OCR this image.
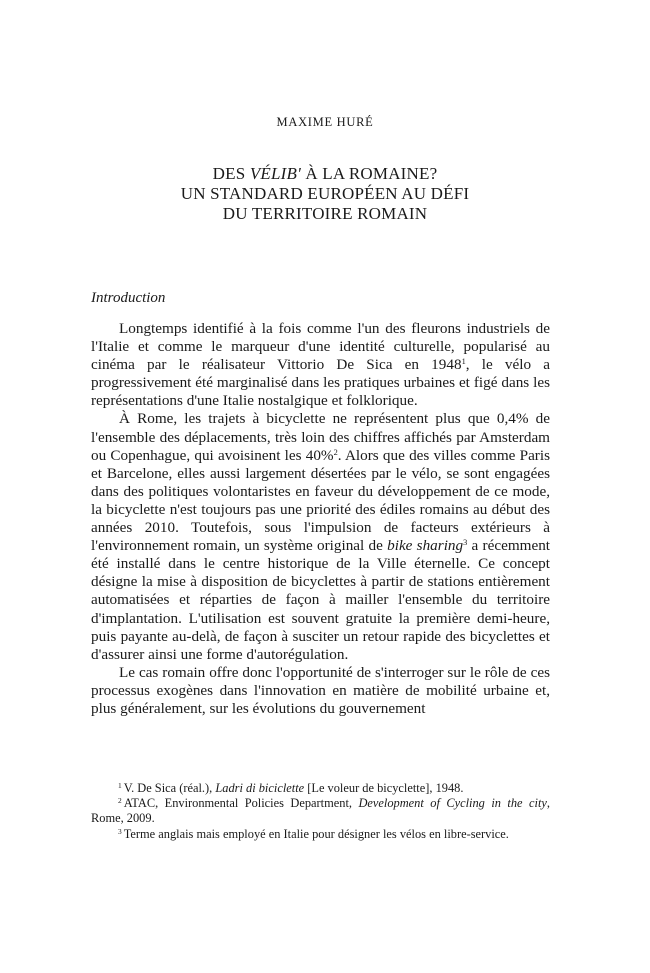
MAXIME HURÉ
DES VÉLIB' À LA ROMAINE?
UN STANDARD EUROPÉEN AU DÉFI
DU TERRITOIRE ROMAIN
Introduction

Longtemps identifié à la fois comme l'un des fleurons industriels de l'Italie et comme le marqueur d'une identité culturelle, popularisé au cinéma par le réalisateur Vittorio De Sica en 1948$^1$, le vélo a progressivement été marginalisé dans les pratiques urbaines et figé dans les représentations d'une Italie nostalgique et folklorique.

À Rome, les trajets à bicyclette ne représentent plus que 0,4% de l'ensemble des déplacements, très loin des chiffres affichés par Amsterdam ou Copenhague, qui avoisinent les 40%$^2$. Alors que des villes comme Paris et Barcelone, elles aussi largement désertées par le vélo, se sont engagées dans des politiques volontaristes en faveur du développement de ce mode, la bicyclette n'est toujours pas une priorité des édiles romains au début des années 2010. Toutefois, sous l'impulsion de facteurs extérieurs à l'environnement romain, un système original de bike sharing$^3$ a récemment été installé dans le centre historique de la Ville éternelle. Ce concept désigne la mise à disposition de bicyclettes à partir de stations entièrement automatisées et réparties de façon à mailler l'ensemble du territoire d'implantation. L'utilisation est souvent gratuite la première demi-heure, puis payante au-delà, de façon à susciter un retour rapide des bicyclettes et d'assurer ainsi une forme d'autorégulation.

Le cas romain offre donc l'opportunité de s'interroger sur le rôle de ces processus exogènes dans l'innovation en matière de mobilité urbaine et, plus généralement, sur les évolutions du gouvernement

$^1$ V. De Sica (réal.), Ladri di biciclette [Le voleur de bicyclette], 1948.

$^2$ ATAC, Environmental Policies Department, Development of Cycling in the city, Rome, 2009.

$^3$ Terme anglais mais employé en Italie pour désigner les vélos en libre-service.
